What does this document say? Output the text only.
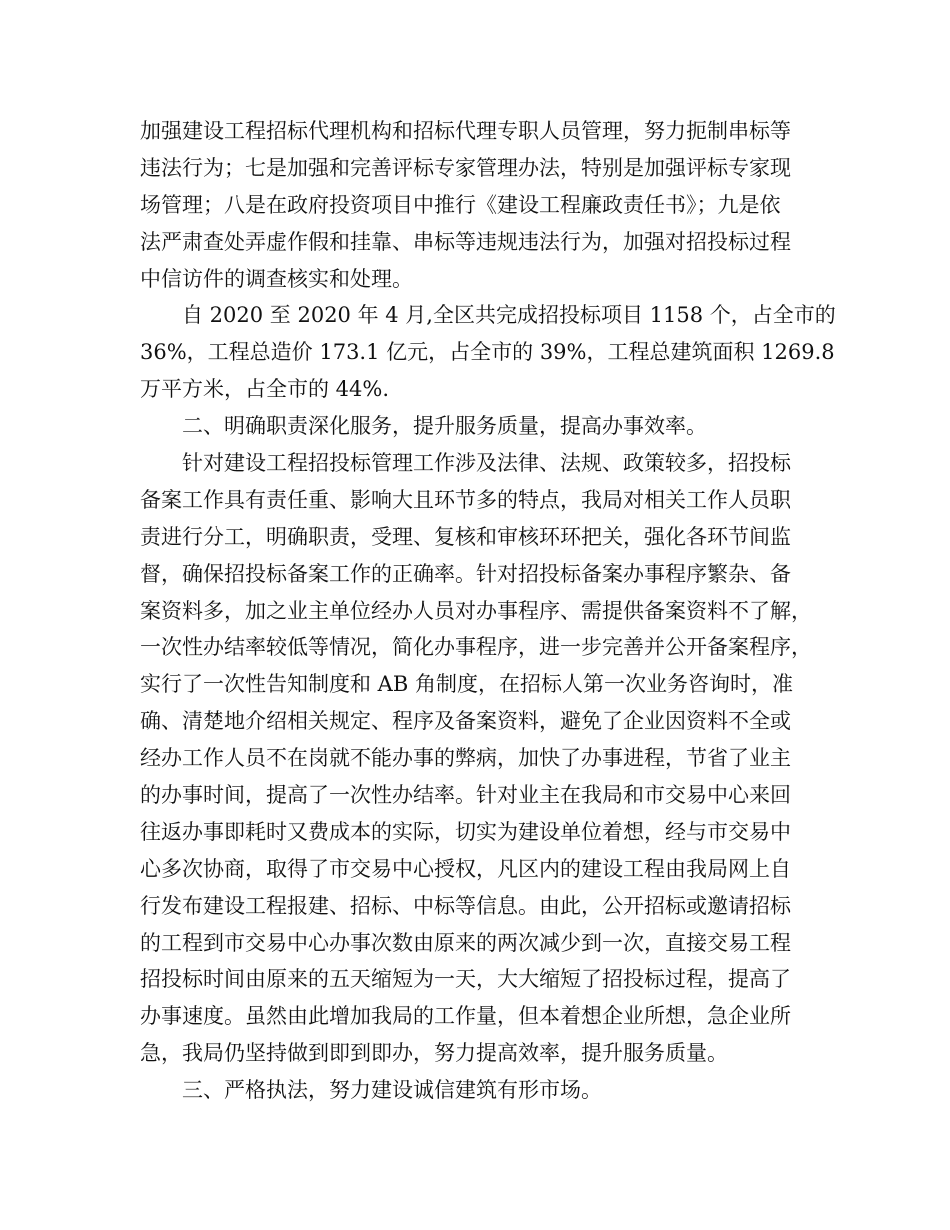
加强建设工程招标代理机构和招标代理专职人员管理，努力扼制串标等
违法行为；七是加强和完善评标专家管理办法，特别是加强评标专家现
场管理；八是在政府投资项目中推行《建设工程廉政责任书》；九是依
法严肃查处弄虚作假和挂靠、串标等违规违法行为，加强对招投标过程
中信访件的调查核实和处理。
自 2020 至 2020 年 4 月,全区共完成招投标项目 1158 个，占全市的
36%，工程总造价 173.1 亿元，占全市的 39%，工程总建筑面积 1269.8
万平方米，占全市的 44%.
二、明确职责深化服务，提升服务质量，提高办事效率。
针对建设工程招投标管理工作涉及法律、法规、政策较多，招投标
备案工作具有责任重、影响大且环节多的特点，我局对相关工作人员职
责进行分工，明确职责，受理、复核和审核环环把关，强化各环节间监
督，确保招投标备案工作的正确率。针对招投标备案办事程序繁杂、备
案资料多，加之业主单位经办人员对办事程序、需提供备案资料不了解，
一次性办结率较低等情况，简化办事程序，进一步完善并公开备案程序，
实行了一次性告知制度和 AB 角制度，在招标人第一次业务咨询时，准
确、清楚地介绍相关规定、程序及备案资料，避免了企业因资料不全或
经办工作人员不在岗就不能办事的弊病，加快了办事进程，节省了业主
的办事时间，提高了一次性办结率。针对业主在我局和市交易中心来回
往返办事即耗时又费成本的实际，切实为建设单位着想，经与市交易中
心多次协商，取得了市交易中心授权，凡区内的建设工程由我局网上自
行发布建设工程报建、招标、中标等信息。由此，公开招标或邀请招标
的工程到市交易中心办事次数由原来的两次减少到一次，直接交易工程
招投标时间由原来的五天缩短为一天，大大缩短了招投标过程，提高了
办事速度。虽然由此增加我局的工作量，但本着想企业所想，急企业所
急，我局仍坚持做到即到即办，努力提高效率，提升服务质量。
三、严格执法，努力建设诚信建筑有形市场。
